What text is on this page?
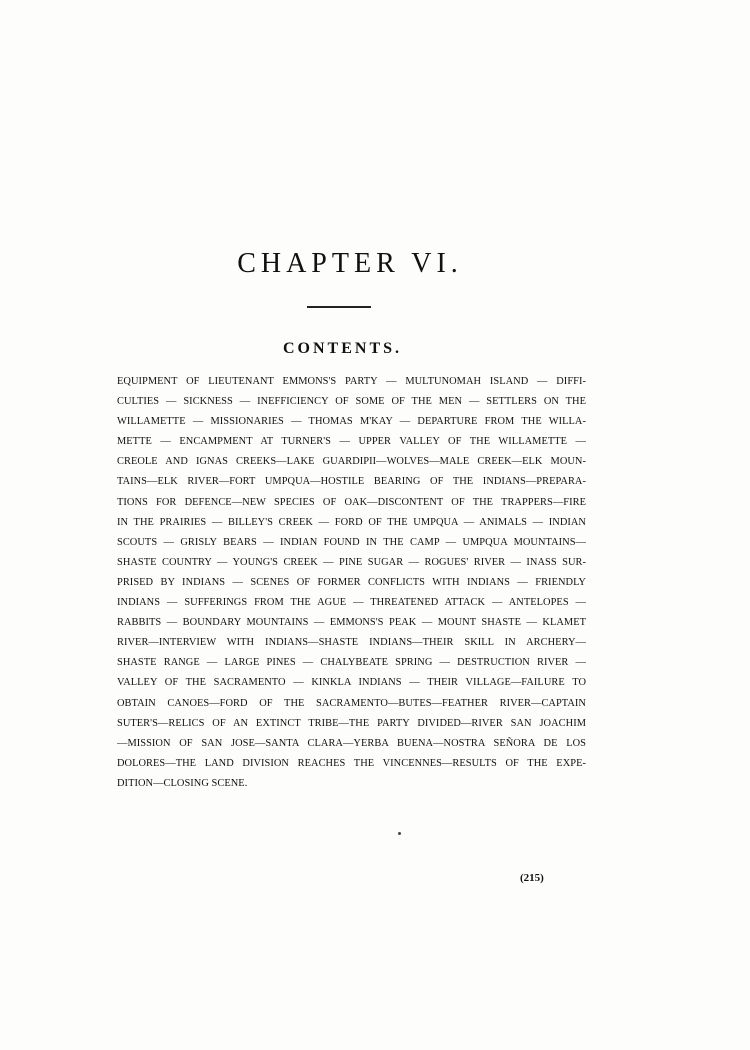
CHAPTER VI.
CONTENTS.
EQUIPMENT OF LIEUTENANT EMMONS'S PARTY — MULTUNOMAH ISLAND — DIFFI-
CULTIES — SICKNESS — INEFFICIENCY OF SOME OF THE MEN — SETTLERS ON THE
WILLAMETTE — MISSIONARIES — THOMAS M'KAY — DEPARTURE FROM THE WILLA-
METTE — ENCAMPMENT AT TURNER'S — UPPER VALLEY OF THE WILLAMETTE —
CREOLE AND IGNAS CREEKS—LAKE GUARDIPII—WOLVES—MALE CREEK—ELK MOUN-
TAINS—ELK RIVER—FORT UMPQUA—HOSTILE BEARING OF THE INDIANS—PREPARA-
TIONS FOR DEFENCE—NEW SPECIES OF OAK—DISCONTENT OF THE TRAPPERS—FIRE
IN THE PRAIRIES — BILLEY'S CREEK — FORD OF THE UMPQUA — ANIMALS — INDIAN
SCOUTS — GRISLY BEARS — INDIAN FOUND IN THE CAMP — UMPQUA MOUNTAINS—
SHASTE COUNTRY — YOUNG'S CREEK — PINE SUGAR — ROGUES' RIVER — INASS SUR-
PRISED BY INDIANS — SCENES OF FORMER CONFLICTS WITH INDIANS — FRIENDLY
INDIANS — SUFFERINGS FROM THE AGUE — THREATENED ATTACK — ANTELOPES —
RABBITS — BOUNDARY MOUNTAINS — EMMONS'S PEAK — MOUNT SHASTE — KLAMET
RIVER—INTERVIEW WITH INDIANS—SHASTE INDIANS—THEIR SKILL IN ARCHERY—
SHASTE RANGE — LARGE PINES — CHALYBEATE SPRING — DESTRUCTION RIVER —
VALLEY OF THE SACRAMENTO — KINKLA INDIANS — THEIR VILLAGE—FAILURE TO
OBTAIN CANOES—FORD OF THE SACRAMENTO—BUTES—FEATHER RIVER—CAPTAIN
SUTER'S—RELICS OF AN EXTINCT TRIBE—THE PARTY DIVIDED—RIVER SAN JOACHIM
—MISSION OF SAN JOSE—SANTA CLARA—YERBA BUENA—NOSTRA SEÑORA DE LOS
DOLORES—THE LAND DIVISION REACHES THE VINCENNES—RESULTS OF THE EXPE-
DITION—CLOSING SCENE.
(215)
